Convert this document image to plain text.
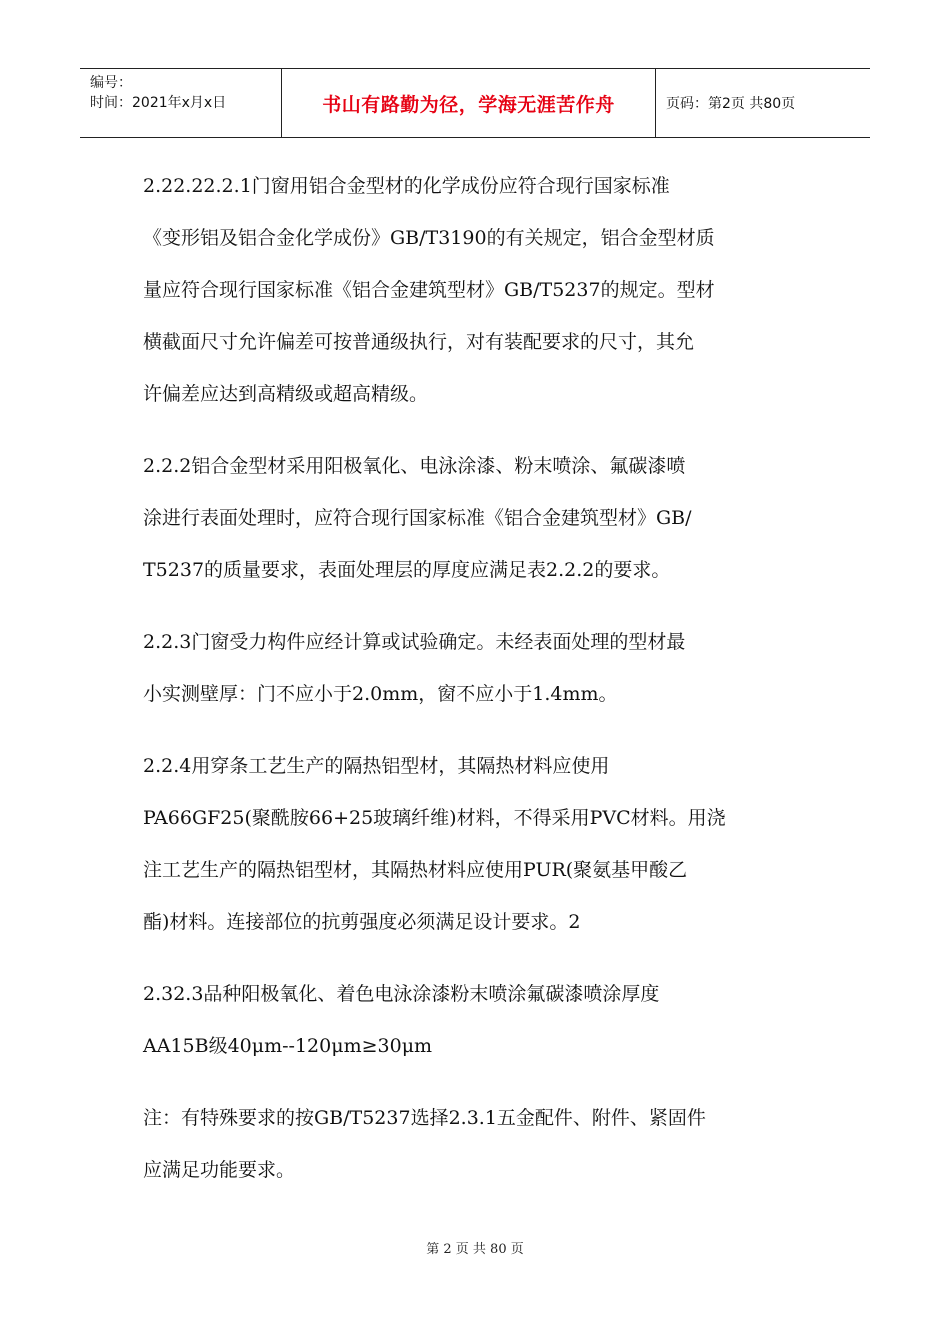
编号：
时间：2021年x月x日	书山有路勤为径，学海无涯苦作舟	页码：第2页 共80页
2.22.22.2.1门窗用铝合金型材的化学成份应符合现行国家标准
《变形铝及铝合金化学成份》GB/T3190的有关规定，铝合金型材质
量应符合现行国家标准《铝合金建筑型材》GB/T5237的规定。型材
横截面尺寸允许偏差可按普通级执行，对有装配要求的尺寸，其允
许偏差应达到高精级或超高精级。
2.2.2铝合金型材采用阳极氧化、电泳涂漆、粉末喷涂、氟碳漆喷
涂进行表面处理时，应符合现行国家标准《铝合金建筑型材》GB/
T5237的质量要求，表面处理层的厚度应满足表2.2.2的要求。
2.2.3门窗受力构件应经计算或试验确定。未经表面处理的型材最
小实测壁厚：门不应小于2.0mm，窗不应小于1.4mm。
2.2.4用穿条工艺生产的隔热铝型材，其隔热材料应使用
PA66GF25(聚酰胺66+25玻璃纤维)材料，不得采用PVC材料。用浇
注工艺生产的隔热铝型材，其隔热材料应使用PUR(聚氨基甲酸乙
酯)材料。连接部位的抗剪强度必须满足设计要求。2
2.32.3品种阳极氧化、着色电泳涂漆粉末喷涂氟碳漆喷涂厚度
AA15B级40μm--120μm≥30μm
注：有特殊要求的按GB/T5237选择2.3.1五金配件、附件、紧固件
应满足功能要求。
第 2 页 共 80 页
